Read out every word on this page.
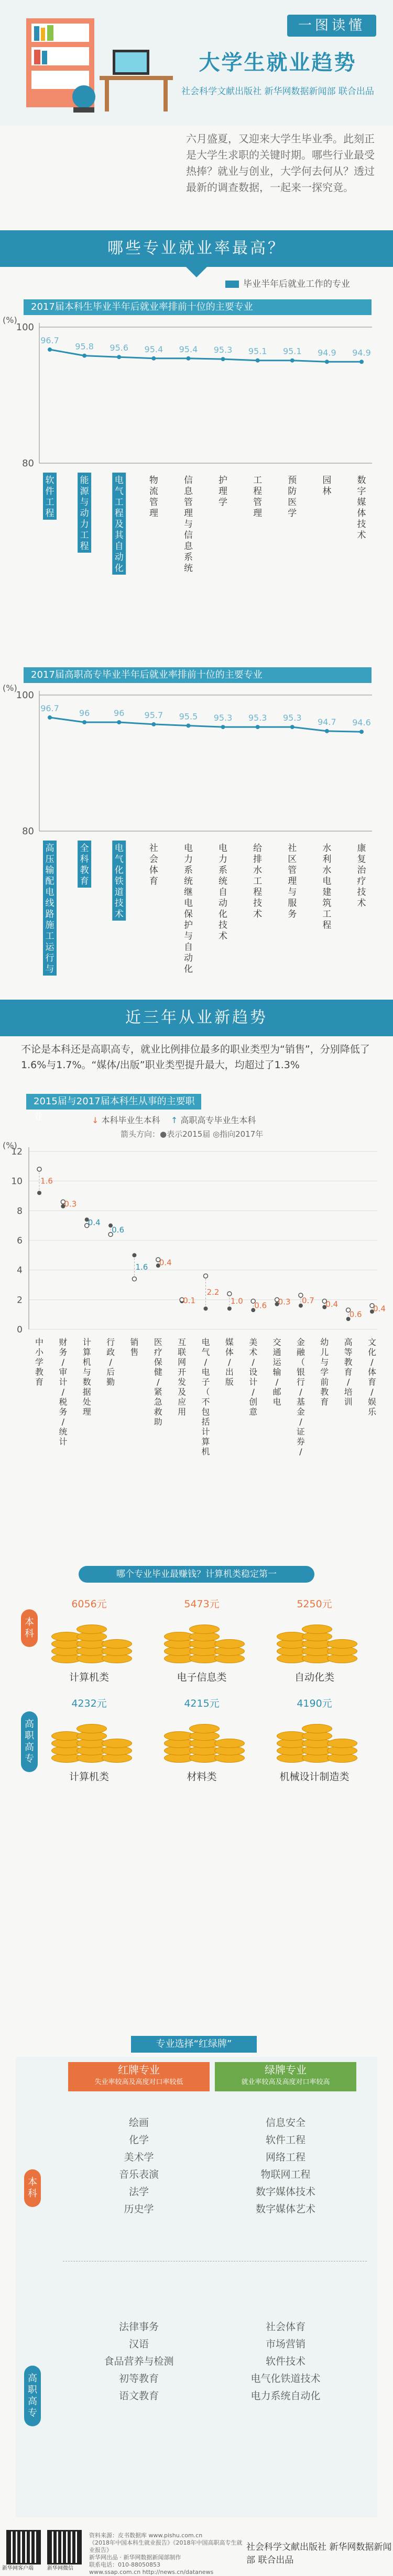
一图读懂
大学生就业趋势
社会科学文献出版社 新华网数据新闻部 联合出品
六月盛夏，又迎来大学生毕业季。此刻正是大学生求职的关键时期。哪些行业最受热捧？就业与创业，大学何去何从？透过最新的调查数据，一起来一探究竟。
哪些专业就业率最高？
毕业半年后就业工作的专业
2017届本科生毕业半年后就业率排前十位的主要专业
(%)
80
100
96.7
95.8 95.6 95.4 95.4 95.3 95.1 95.1 94.9 94.9
软
件
工
程
能
源
与
动
力
工
程
电
气
工
程
及
其
自
动
化
物
流
管
理
信
息
管
理
与
信
息
系
统
护
理
学
工
程
管
理
预
防
医
学
园
林
数
字
媒
体
技
术
2017届高职高专毕业半年后就业率排前十位的主要专业
(%)
80
100
96.7 96	96 95.7 95.5 95.3 95.3 95.3 94.7 94.6
高
压
输
配
电
线
路
施
工
运
行
与
全
科
教
育
电
气
化
铁
道
技
术
社
会
体
育
电
力
系
统
继
电
保
护
与
自
动
化
电
力
系
统
自
动
化
技
术
给
排
水
工
程
技
术
社
区
管
理
与
服
务
水
利
水
电
建
筑
工
程
康
复
治
疗
技
术
近三年从业新趋势
不论是本科还是高职高专，就业比例排位最多的职业类型为“销售”，分别降低了1.6%与1.7%。“媒体/出版”职业类型提升最大，均超过了1.3%
2015届与2017届本科生从事的主要职业	↓ 本科毕业生本科 ↑ 高职高专毕业生本科
箭头方向：●表示2015届 ◎指向2017年
(%)
0
2
4
6
8
10
12
1.6
中
小
学
教
育
0.3
财
务
/
审
计
/
税
务
/
统
计
0.4
计
算
机
与
数
据
处
理
0.6
行
政
/
后
勤
1.6
销
售
0.4
医
疗
保
健
/
紧
急
救
助
0.1
互
联
网
开
发
及
应
用
2.2
电
气
/
电
子
（
不
包
括
计
算
机
1.0
媒
体
/
出
版
0.6
美
术
/
设
计
/
创
意
0.3
交
通
运
输
/
邮
电
0.7
金
融
（
银
行
/
基
金
/
证
券
/
0.4
幼
儿
与
学
前
教
育
0.6
高
等
教
育
/
培
训
0.4
文
化
/
体
育
/
娱
乐
哪个专业毕业最赚钱？计算机类稳定第一
本科
高职高专
6056元
计算机类
5473元
电子信息类
5250元
自动化类
4232元
计算机类
4215元
材料类
4190元
机械设计制造类
专业选择“红绿牌”
红牌专业
失业率较高及高度对口率较低
绿牌专业
就业率较高及高度对口率较高
本科
高职高专
绘画
化学
美术学
音乐表演
法学
历史学
信息安全
软件工程
网络工程
物联网工程
数字媒体技术
数字媒体艺术
法律事务
汉语
食品营养与检测
初等教育
语文教育
社会体育
市场营销
软件技术
电气化铁道技术
电力系统自动化
新华网客户端	新华网微信
资料来源：皮书数据库 www.pishu.com.cn
《2018年中国本科生就业报告》《2018年中国高职高专生就业报告》
新华网出品 · 新华网数据新闻部制作
联系电话：010-88050853
www.ssap.com.cn http://news.cn/datanews
社会科学文献出版社 新华网数据新闻部 联合出品
